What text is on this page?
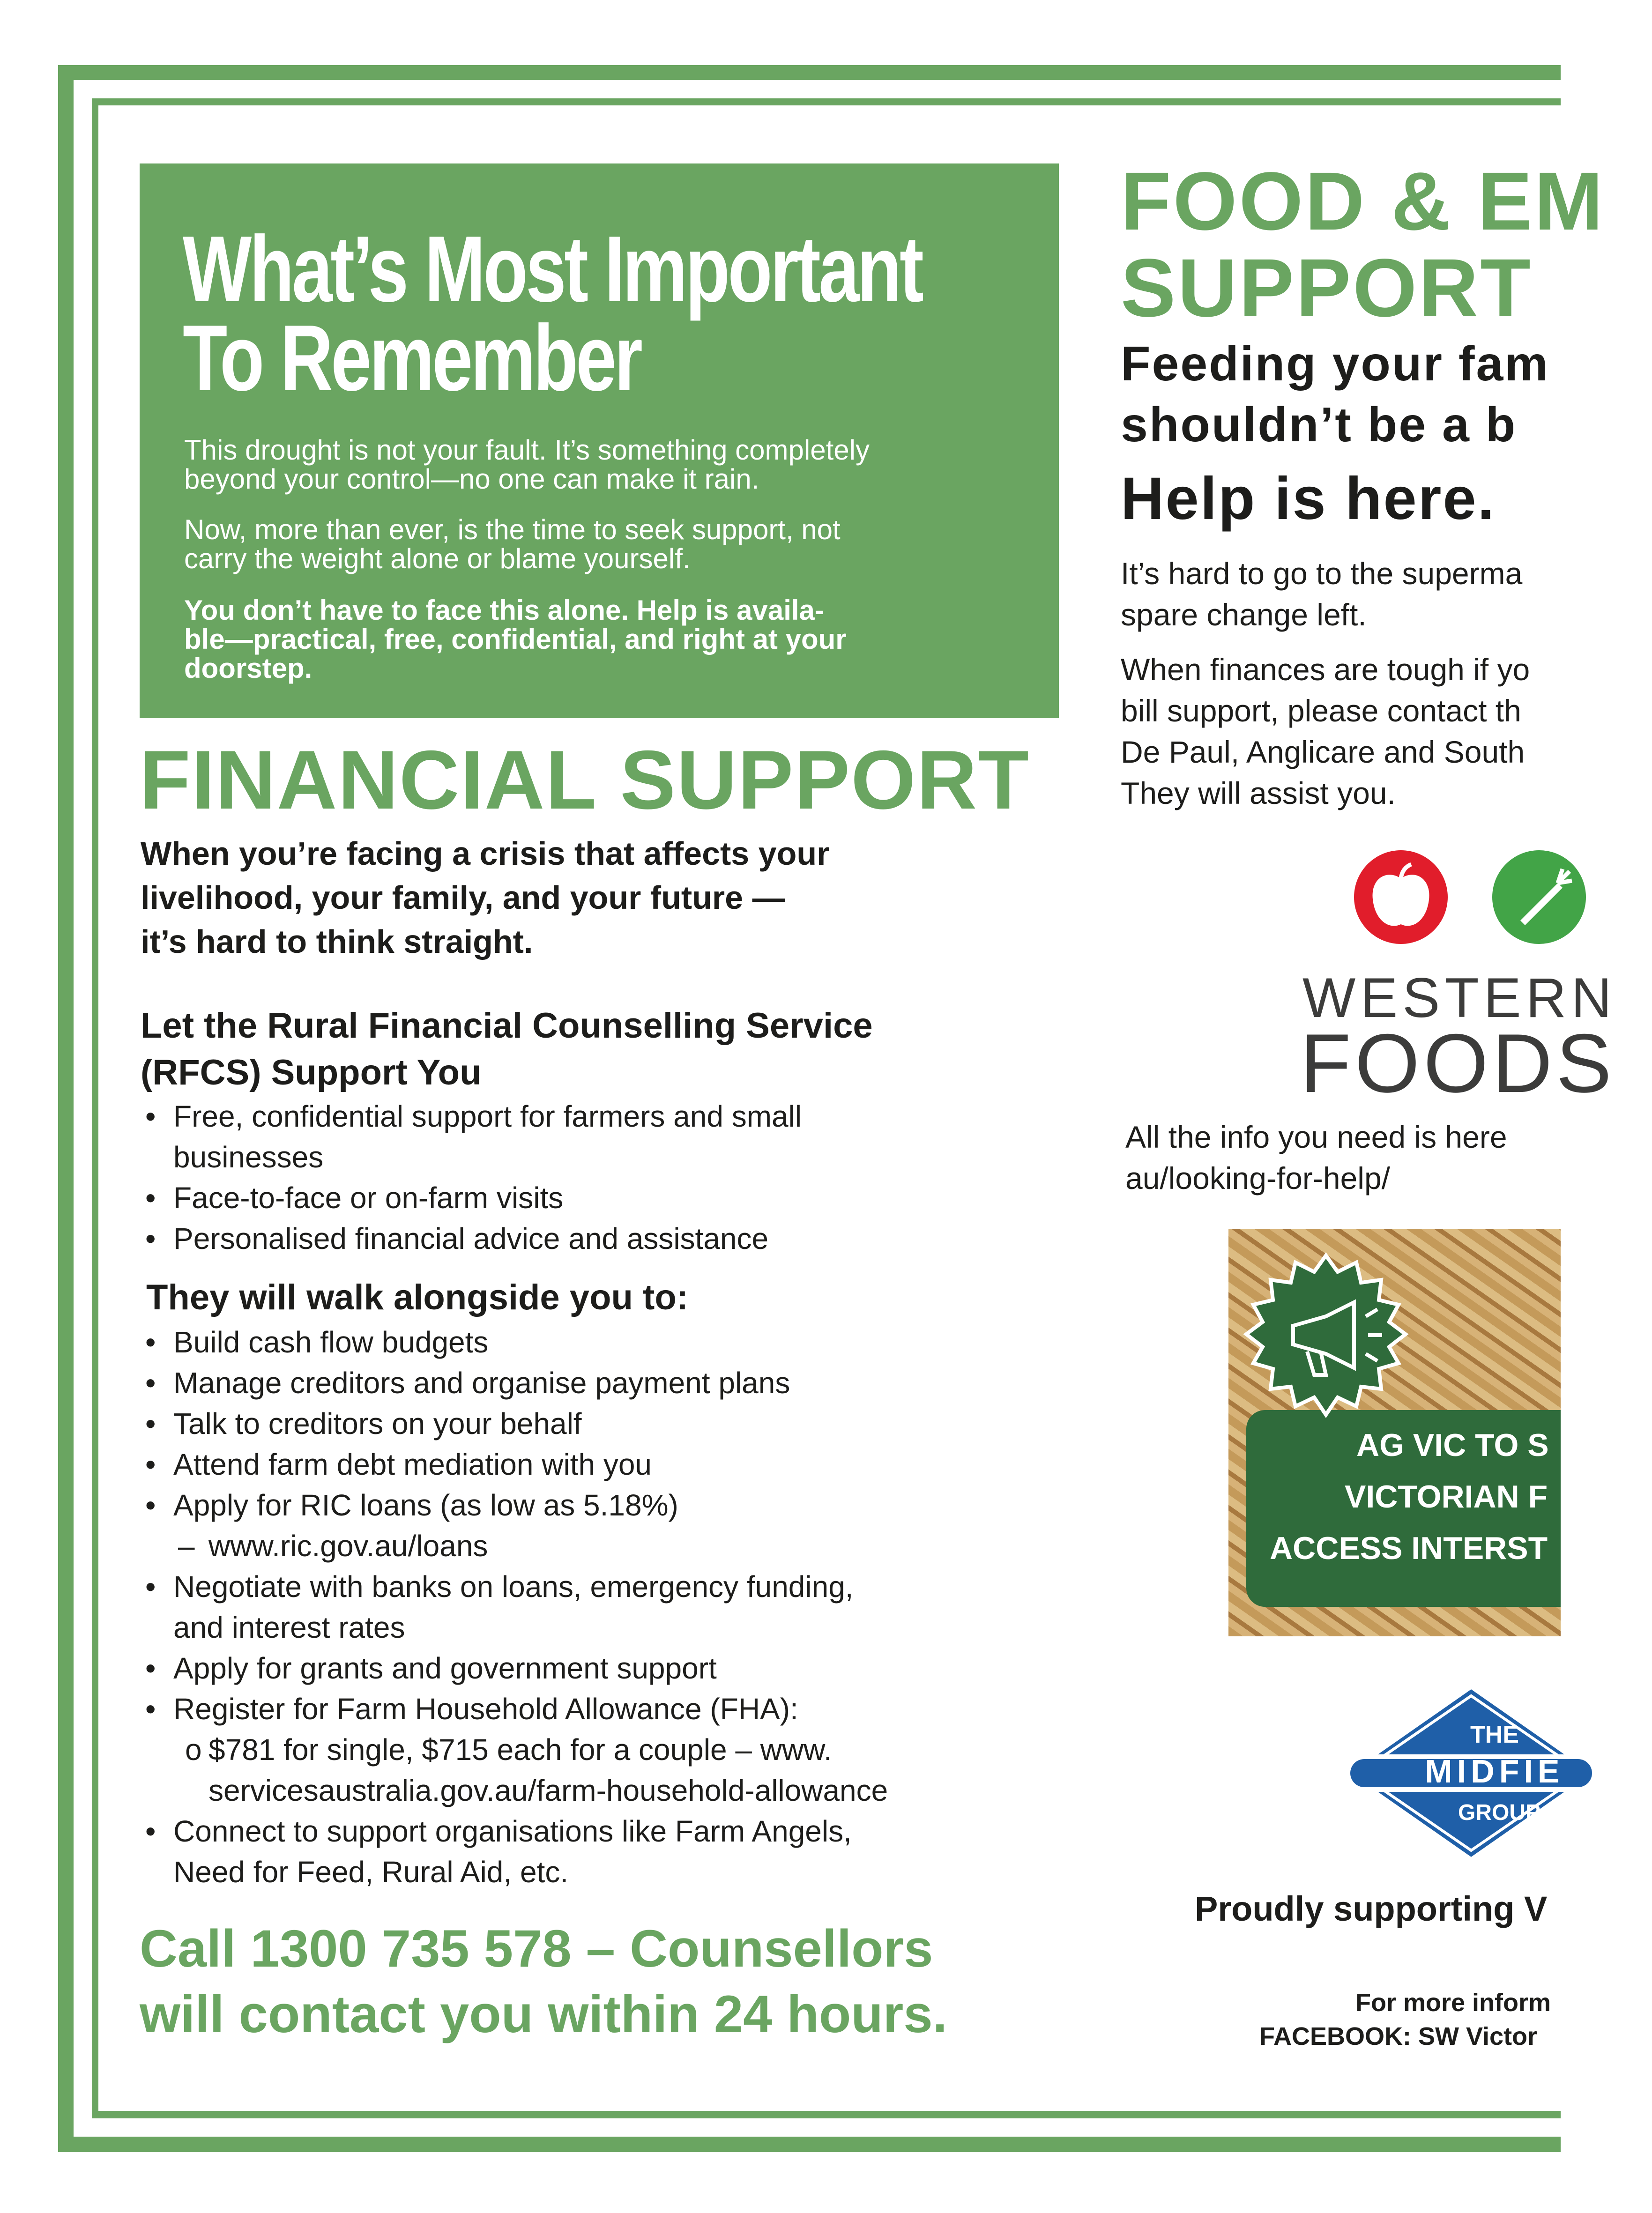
What’s Most Important
To Remember
This drought is not your fault. It’s something completely
beyond your control—no one can make it rain.
Now, more than ever, is the time to seek support, not
carry the weight alone or blame yourself.
You don’t have to face this alone. Help is availa-
ble—practical, free, confidential, and right at your
doorstep.
FINANCIAL SUPPORT
When you’re facing a crisis that affects your
livelihood, your family, and your future —
it’s hard to think straight.
Let the Rural Financial Counselling Service
(RFCS) Support You
• Free, confidential support for farmers and small
businesses
• Face-to-face or on-farm visits
• Personalised financial advice and assistance
They will walk alongside you to:
• Build cash flow budgets
• Manage creditors and organise payment plans
• Talk to creditors on your behalf
• Attend farm debt mediation with you
• Apply for RIC loans (as low as 5.18%)
– www.ric.gov.au/loans
• Negotiate with banks on loans, emergency funding,
and interest rates
• Apply for grants and government support
• Register for Farm Household Allowance (FHA):
o $781 for single, $715 each for a couple – www.
servicesaustralia.gov.au/farm-household-allowance
• Connect to support organisations like Farm Angels,
Need for Feed, Rural Aid, etc.
Call 1300 735 578 – Counsellors
will contact you within 24 hours.
FOOD & EM
SUPPORT
Feeding your fam
shouldn’t be a b
Help is here.
It’s hard to go to the superma
spare change left.
When finances are tough if yo
bill support, please contact th
De Paul, Anglicare and South
They will assist you.
WESTERN
FOODS
All the info you need is here
au/looking-for-help/
AG VIC TO S
VICTORIAN F
ACCESS INTERST
THE
MIDFIE
GROUP
Proudly supporting V
For more inform
FACEBOOK: SW Victor
